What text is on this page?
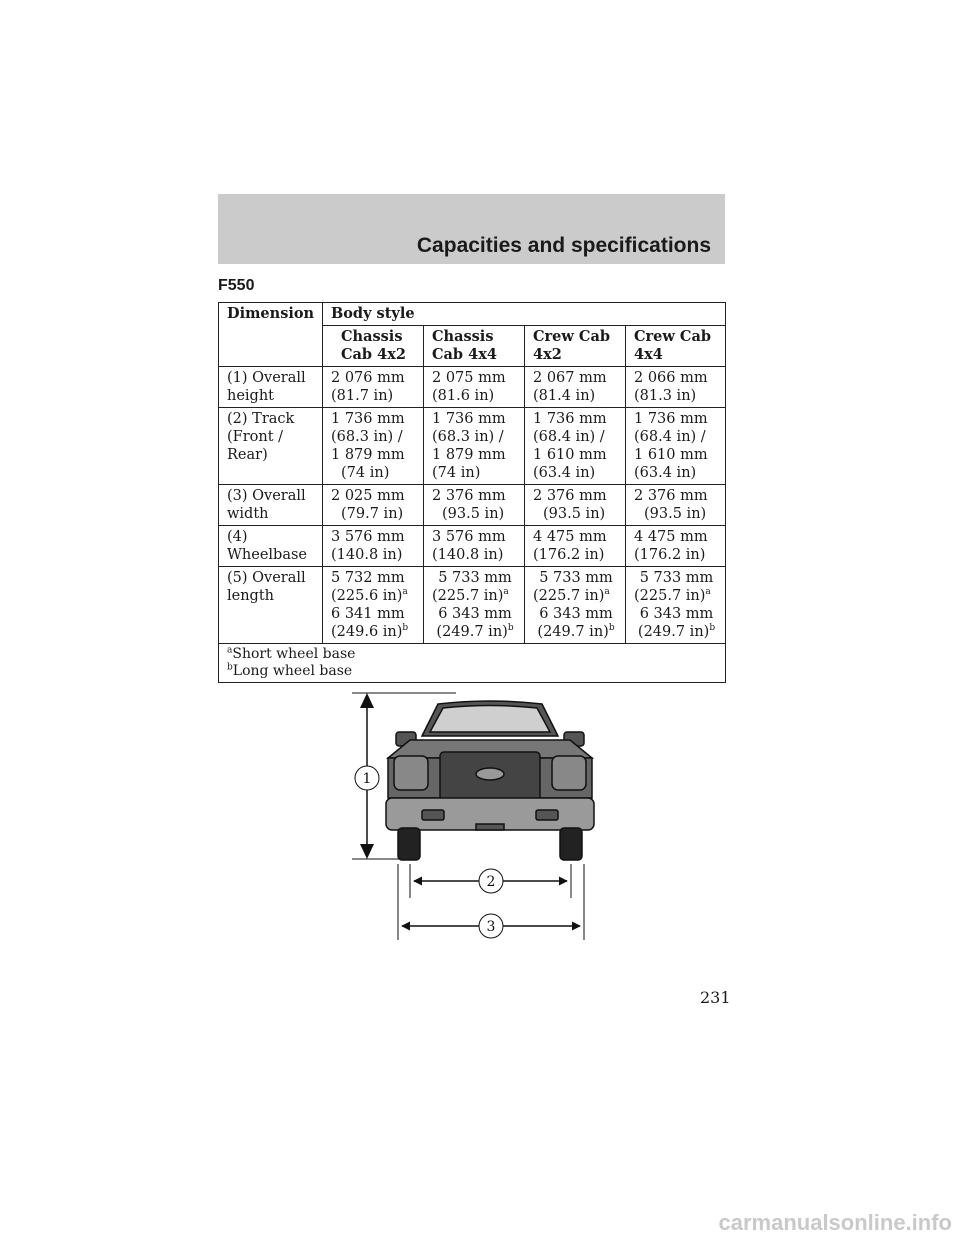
Capacities and specifications
F550
Dimension	Body style			

	Chassis
Cab 4x2	Chassis
Cab 4x4	Crew Cab
4x2	Crew Cab
4x4

(1) Overall
height	2 076 mm
(81.7 in)	2 075 mm
(81.6 in)	2 067 mm
(81.4 in)	2 066 mm
(81.3 in)

(2) Track
(Front /
Rear)	1 736 mm
(68.3 in) /
1 879 mm
(74 in)	1 736 mm
(68.3 in) /
1 879 mm
(74 in)	1 736 mm
(68.4 in) /
1 610 mm
(63.4 in)	1 736 mm
(68.4 in) /
1 610 mm
(63.4 in)

(3) Overall
width	2 025 mm
(79.7 in)	2 376 mm
(93.5 in)	2 376 mm
(93.5 in)	2 376 mm
(93.5 in)

(4)
Wheelbase	3 576 mm
(140.8 in)	3 576 mm
(140.8 in)	4 475 mm
(176.2 in)	4 475 mm
(176.2 in)

(5) Overall
length	5 732 mm
(225.6 in)$^a$
6 341 mm
(249.6 in)$^b$	5 733 mm
(225.7 in)$^a$
6 343 mm
(249.7 in)$^b$	5 733 mm
(225.7 in)$^a$
6 343 mm
(249.7 in)$^b$	5 733 mm
(225.7 in)$^a$
6 343 mm
(249.7 in)$^b$

$^a$Short wheel base
$^b$Long wheel base				
1
2
3
231
carmanualsonline.info
